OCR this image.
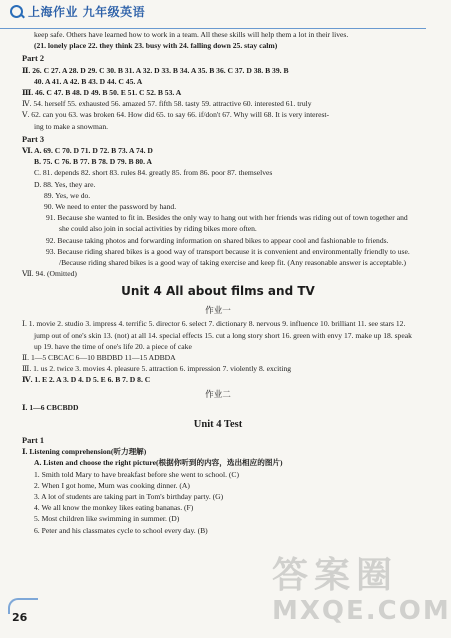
上海作业 九年级英语
keep safe. Others have learned how to work in a team. All these skills will help them a lot in their lives.
(21. lonely place 22. they think 23. busy with 24. falling down 25. stay calm)
Part 2
Ⅱ. 26. C 27. A 28. D 29. C 30. B 31. A 32. D 33. B 34. A 35. B 36. C 37. D 38. B 39. B
40. A 41. A 42. B 43. D 44. C 45. A
Ⅲ. 46. C 47. B 48. D 49. B 50. E 51. C 52. B 53. A
Ⅳ. 54. herself 55. exhausted 56. amazed 57. fifth 58. tasty 59. attractive 60. interested 61. truly
Ⅴ. 62. can you 63. was broken 64. How did 65. to say 66. if/don't 67. Why will 68. It is very interest-
ing to make a snowman.
Part 3
Ⅵ. A. 69. C 70. D 71. D 72. B 73. A 74. D
B. 75. C 76. B 77. B 78. D 79. B 80. A
C. 81. depends 82. short 83. rules 84. greatly 85. from 86. poor 87. themselves
D. 88. Yes, they are.
89. Yes, we do.
90. We need to enter the password by hand.
91. Because she wanted to fit in. Besides the only way to hang out with her friends was riding out of town together and she could also join in social activities by riding bikes more often.
92. Because taking photos and forwarding information on shared bikes to appear cool and fashionable to friends.
93. Because riding shared bikes is a good way of transport because it is convenient and environmentally friendly to use. /Because riding shared bikes is a good way of taking exercise and keep fit. (Any reasonable answer is acceptable.)
Ⅶ. 94. (Omitted)
Unit 4 All about films and TV
作业一
Ⅰ. 1. movie 2. studio 3. impress 4. terrific 5. director 6. select 7. dictionary 8. nervous 9. influence 10. brilliant 11. see stars 12. jump out of one's skin 13. (not) at all 14. special effects 15. cut a long story short 16. green with envy 17. make up 18. speak up 19. have the time of one's life 20. a piece of cake
Ⅱ. 1—5 CBCAC 6—10 BBDBD 11—15 ADBDA
Ⅲ. 1. us 2. twice 3. movies 4. pleasure 5. attraction 6. impression 7. violently 8. exciting
Ⅳ. 1. E 2. A 3. D 4. D 5. E 6. B 7. D 8. C
作业二
Ⅰ. 1—6 CBCBDD
Unit 4 Test
Part 1
Ⅰ. Listening comprehension(听力理解)
A. Listen and choose the right picture(根据你听到的内容，选出相应的图片)
1. Smith told Mary to have breakfast before she went to school. (C)
2. When I got home, Mum was cooking dinner. (A)
3. A lot of students are taking part in Tom's birthday party. (G)
4. We all know the monkey likes eating bananas. (F)
5. Most children like swimming in summer. (D)
6. Peter and his classmates cycle to school every day. (B)
26
答案圈
MXQE.COM
